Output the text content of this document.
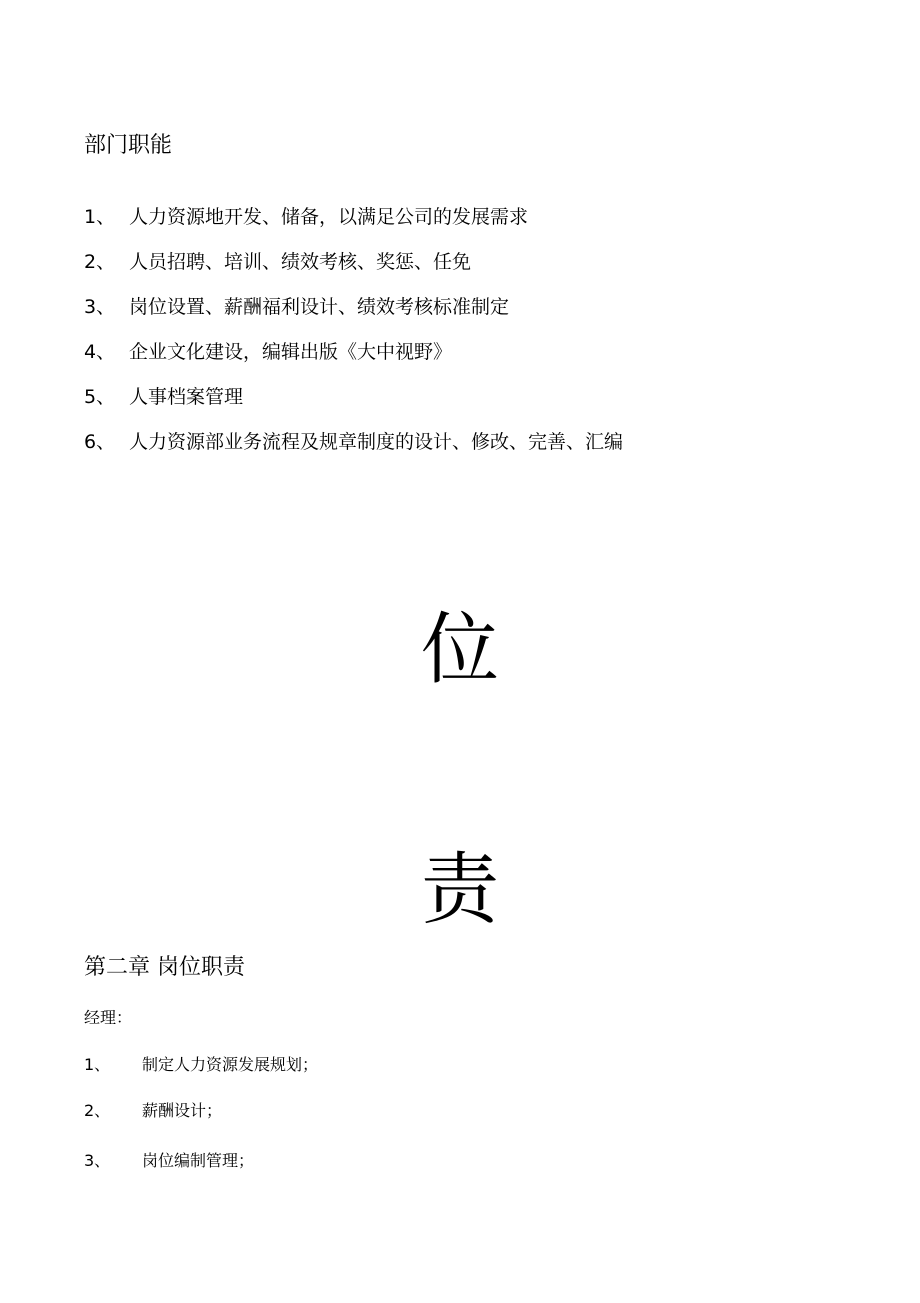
部门职能
1、 人力资源地开发、储备，以满足公司的发展需求
2、 人员招聘、培训、绩效考核、奖惩、任免
3、 岗位设置、薪酬福利设计、绩效考核标准制定
4、 企业文化建设，编辑出版《大中视野》
5、 人事档案管理
6、 人力资源部业务流程及规章制度的设计、修改、完善、汇编
位
责
第二章 岗位职责
经理：
1、 制定人力资源发展规划；
2、 薪酬设计；
3、 岗位编制管理；
